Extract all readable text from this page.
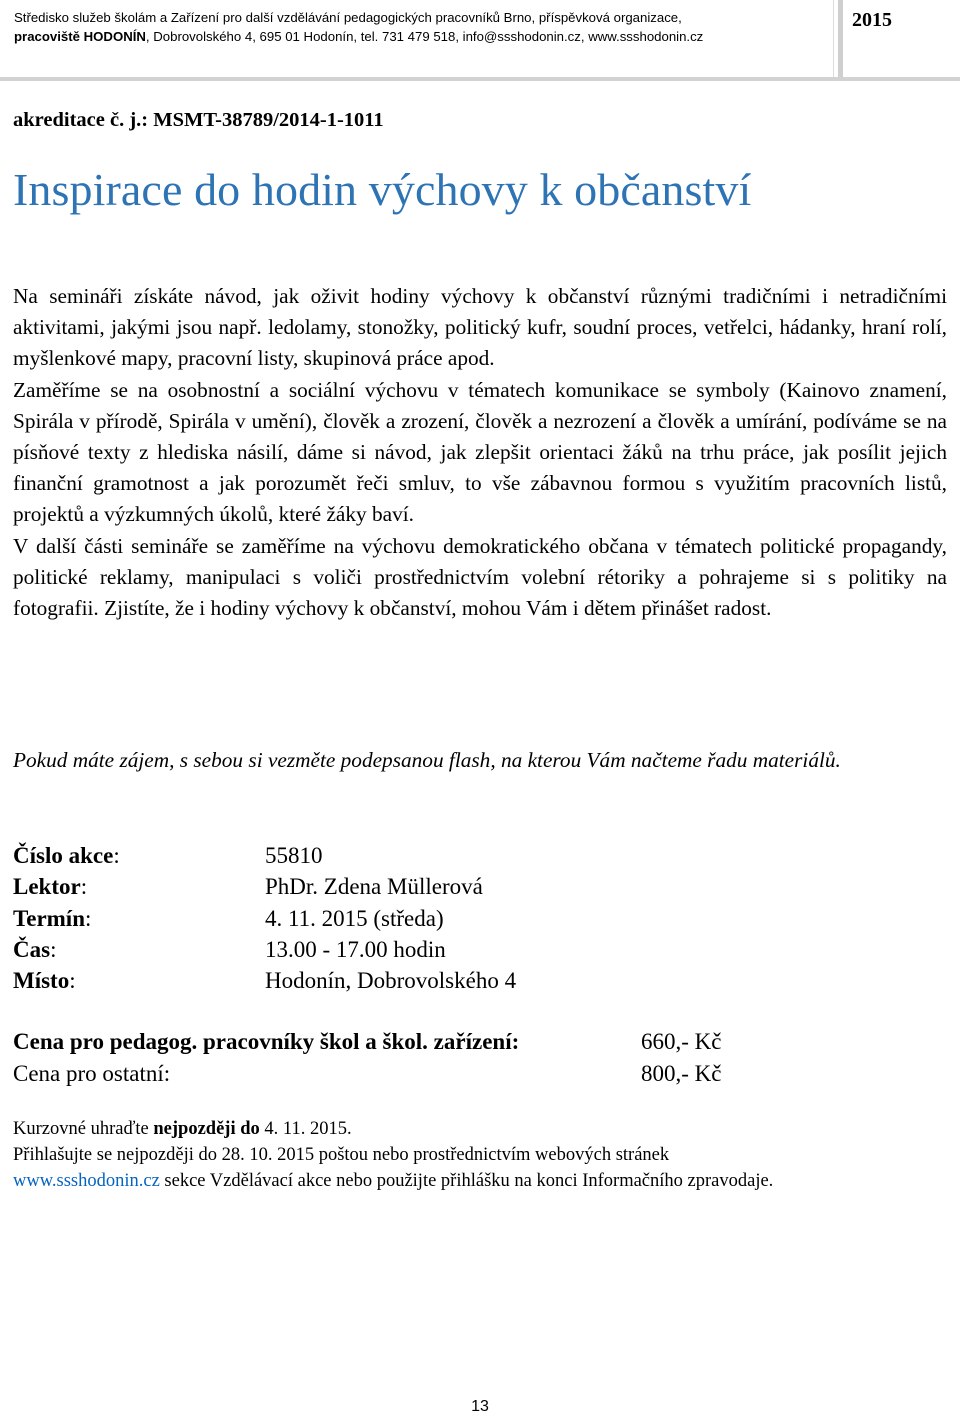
Středisko služeb školám a Zařízení pro další vzdělávání pedagogických pracovníků Brno, příspěvková organizace,
pracoviště HODONÍN, Dobrovolského 4, 695 01 Hodonín, tel. 731 479 518, info@ssshodonin.cz, www.ssshodonin.cz
2015
akreditace č. j.: MSMT-38789/2014-1-1011
Inspirace do hodin výchovy k občanství

Na semináři získáte návod, jak oživit hodiny výchovy k občanství různými tradičními i netradičními aktivitami, jakými jsou např. ledolamy, stonožky, politický kufr, soudní proces, vetřelci, hádanky, hraní rolí, myšlenkové mapy, pracovní listy, skupinová práce apod.

Zaměříme se na osobnostní a sociální výchovu v tématech komunikace se symboly (Kainovo znamení, Spirála v přírodě, Spirála v umění), člověk a zrození, člověk a nezrození a člověk a umírání, podíváme se na písňové texty z hlediska násilí, dáme si návod, jak zlepšit orientaci žáků na trhu práce, jak posílit jejich finanční gramotnost a jak porozumět řeči smluv, to vše zábavnou formou s využitím pracovních listů, projektů a výzkumných úkolů, které žáky baví.

V další části semináře se zaměříme na výchovu demokratického občana v tématech politické propagandy, politické reklamy, manipulaci s voliči prostřednictvím volební rétoriky a pohrajeme si s politiky na fotografii. Zjistíte, že i hodiny výchovy k občanství, mohou Vám i dětem přinášet radost.

Pokud máte zájem, s sebou si vezměte podepsanou flash, na kterou Vám načteme řadu materiálů.

Číslo akce:	55810
Lektor:	PhDr. Zdena Müllerová
Termín:	4. 11. 2015 (středa)
Čas:	13.00 - 17.00 hodin
Místo:	Hodonín, Dobrovolského 4
Cena pro pedagog. pracovníky škol a škol. zařízení:	660,- Kč
Cena pro ostatní:	800,- Kč
Kurzovné uhraďte nejpozději do 4. 11. 2015.
Přihlašujte se nejpozději do 28. 10. 2015 poštou nebo prostřednictvím webových stránek
www.ssshodonin.cz sekce Vzdělávací akce nebo použijte přihlášku na konci Informačního zpravodaje.
13
